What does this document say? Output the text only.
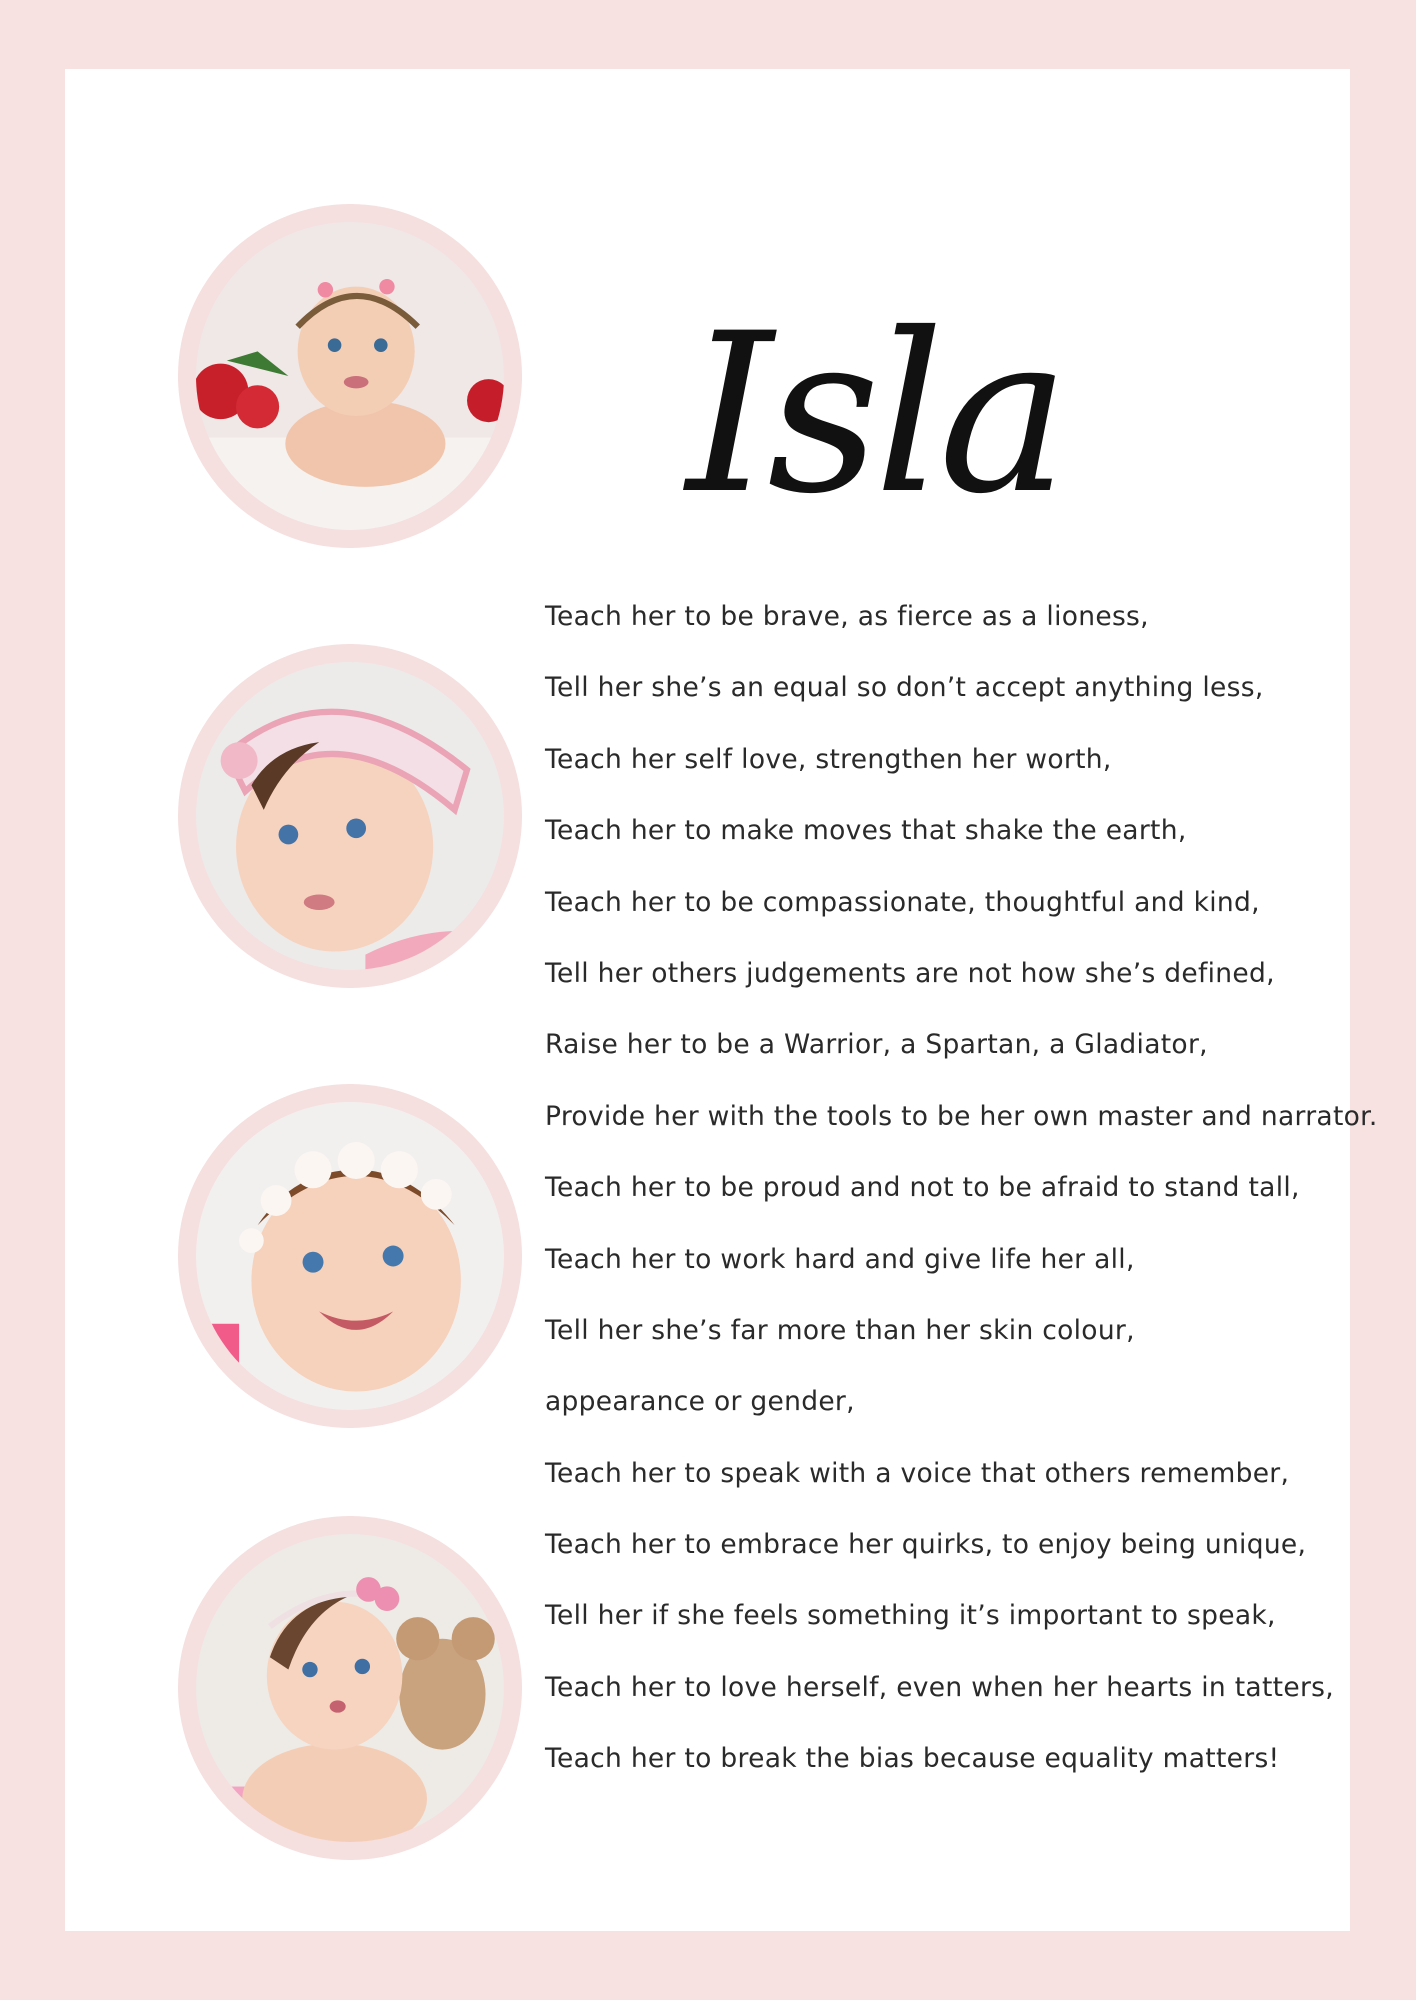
Isla
Teach her to be brave, as fierce as a lioness,
Tell her she’s an equal so don’t accept anything less,
Teach her self love, strengthen her worth,
Teach her to make moves that shake the earth,
Teach her to be compassionate, thoughtful and kind,
Tell her others judgements are not how she’s defined,
Raise her to be a Warrior, a Spartan, a Gladiator,
Provide her with the tools to be her own master and narrator.
Teach her to be proud and not to be afraid to stand tall,
Teach her to work hard and give life her all,
Tell her she’s far more than her skin colour,
appearance or gender,
Teach her to speak with a voice that others remember,
Teach her to embrace her quirks, to enjoy being unique,
Tell her if she feels something it’s important to speak,
Teach her to love herself, even when her hearts in tatters,
Teach her to break the bias because equality matters!
